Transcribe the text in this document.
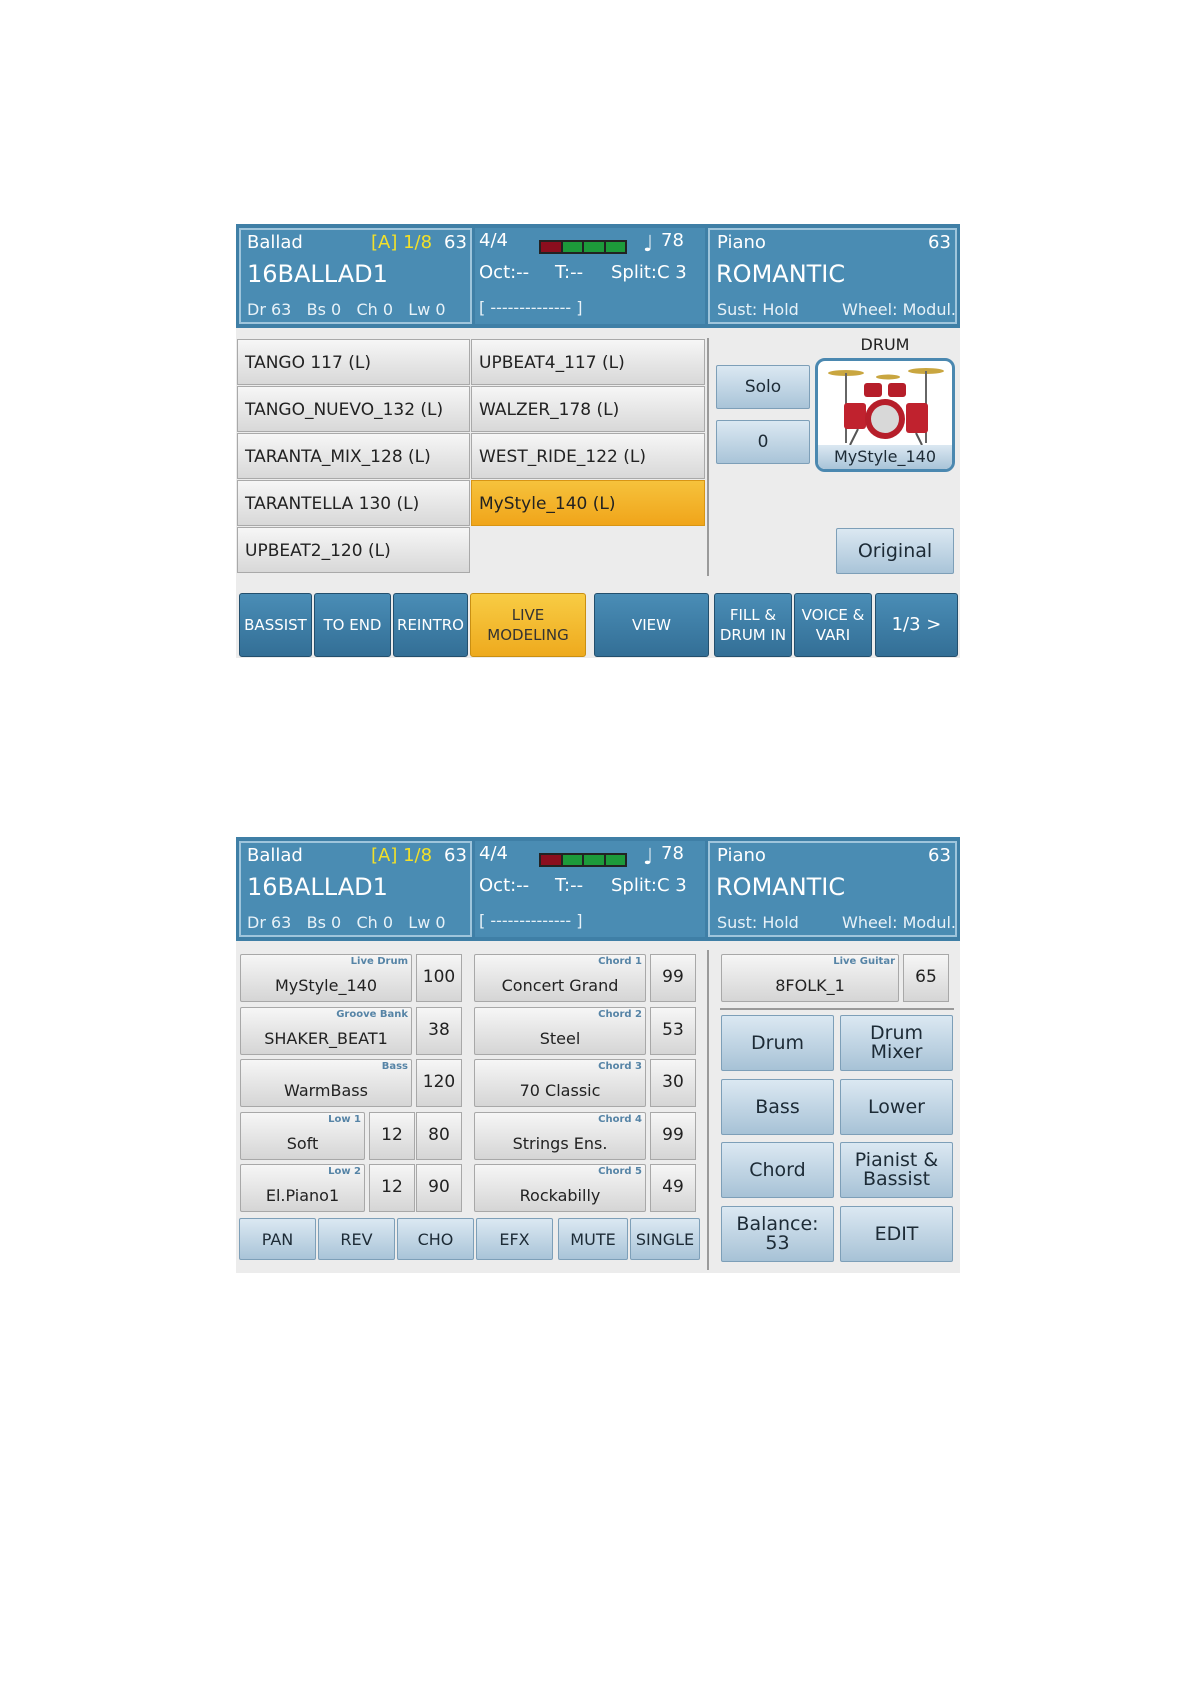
Ballad	[A] 1/8 63
16BALLAD1
Dr 63   Bs 0   Ch 0   Lw 0
4/4	♩ 78
Oct:-- T:-- Split:C 3
[ -------------- ]
Piano	63
ROMANTIC
Sust: Hold	Wheel: Modul.
TANGO 117 (L)
TANGO_NUEVO_132 (L)
TARANTA_MIX_128 (L)
TARANTELLA 130 (L)
UPBEAT2_120 (L)
UPBEAT4_117 (L)
WALZER_178 (L)
WEST_RIDE_122 (L)
MyStyle_140 (L)
Solo
0
DRUM
MyStyle_140
Original
BASSIST	TO END	REINTRO
LIVE
MODELING
VIEW
FILL &
DRUM IN
VOICE &
VARI	1/3 >
Ballad	[A] 1/8 63
16BALLAD1
Dr 63   Bs 0   Ch 0   Lw 0
4/4	♩ 78
Oct:-- T:-- Split:C 3
[ -------------- ]
Piano	63
ROMANTIC
Sust: Hold	Wheel: Modul.
Live Drum
MyStyle_140	100
Groove Bank
SHAKER_BEAT1	38
Bass
WarmBass	120
Low 1
Soft	12	80
Low 2
El.Piano1	12	90
Chord 1
Concert Grand	99
Chord 2
Steel	53
Chord 3
70 Classic	30
Chord 4
Strings Ens.	99
Chord 5
Rockabilly	49
PAN	REV	CHO	EFX	MUTE	SINGLE
Live Guitar
8FOLK_1	65
Drum	Drum
Mixer
Bass	Lower
Chord	Pianist &
Bassist
Balance: 53	EDIT
